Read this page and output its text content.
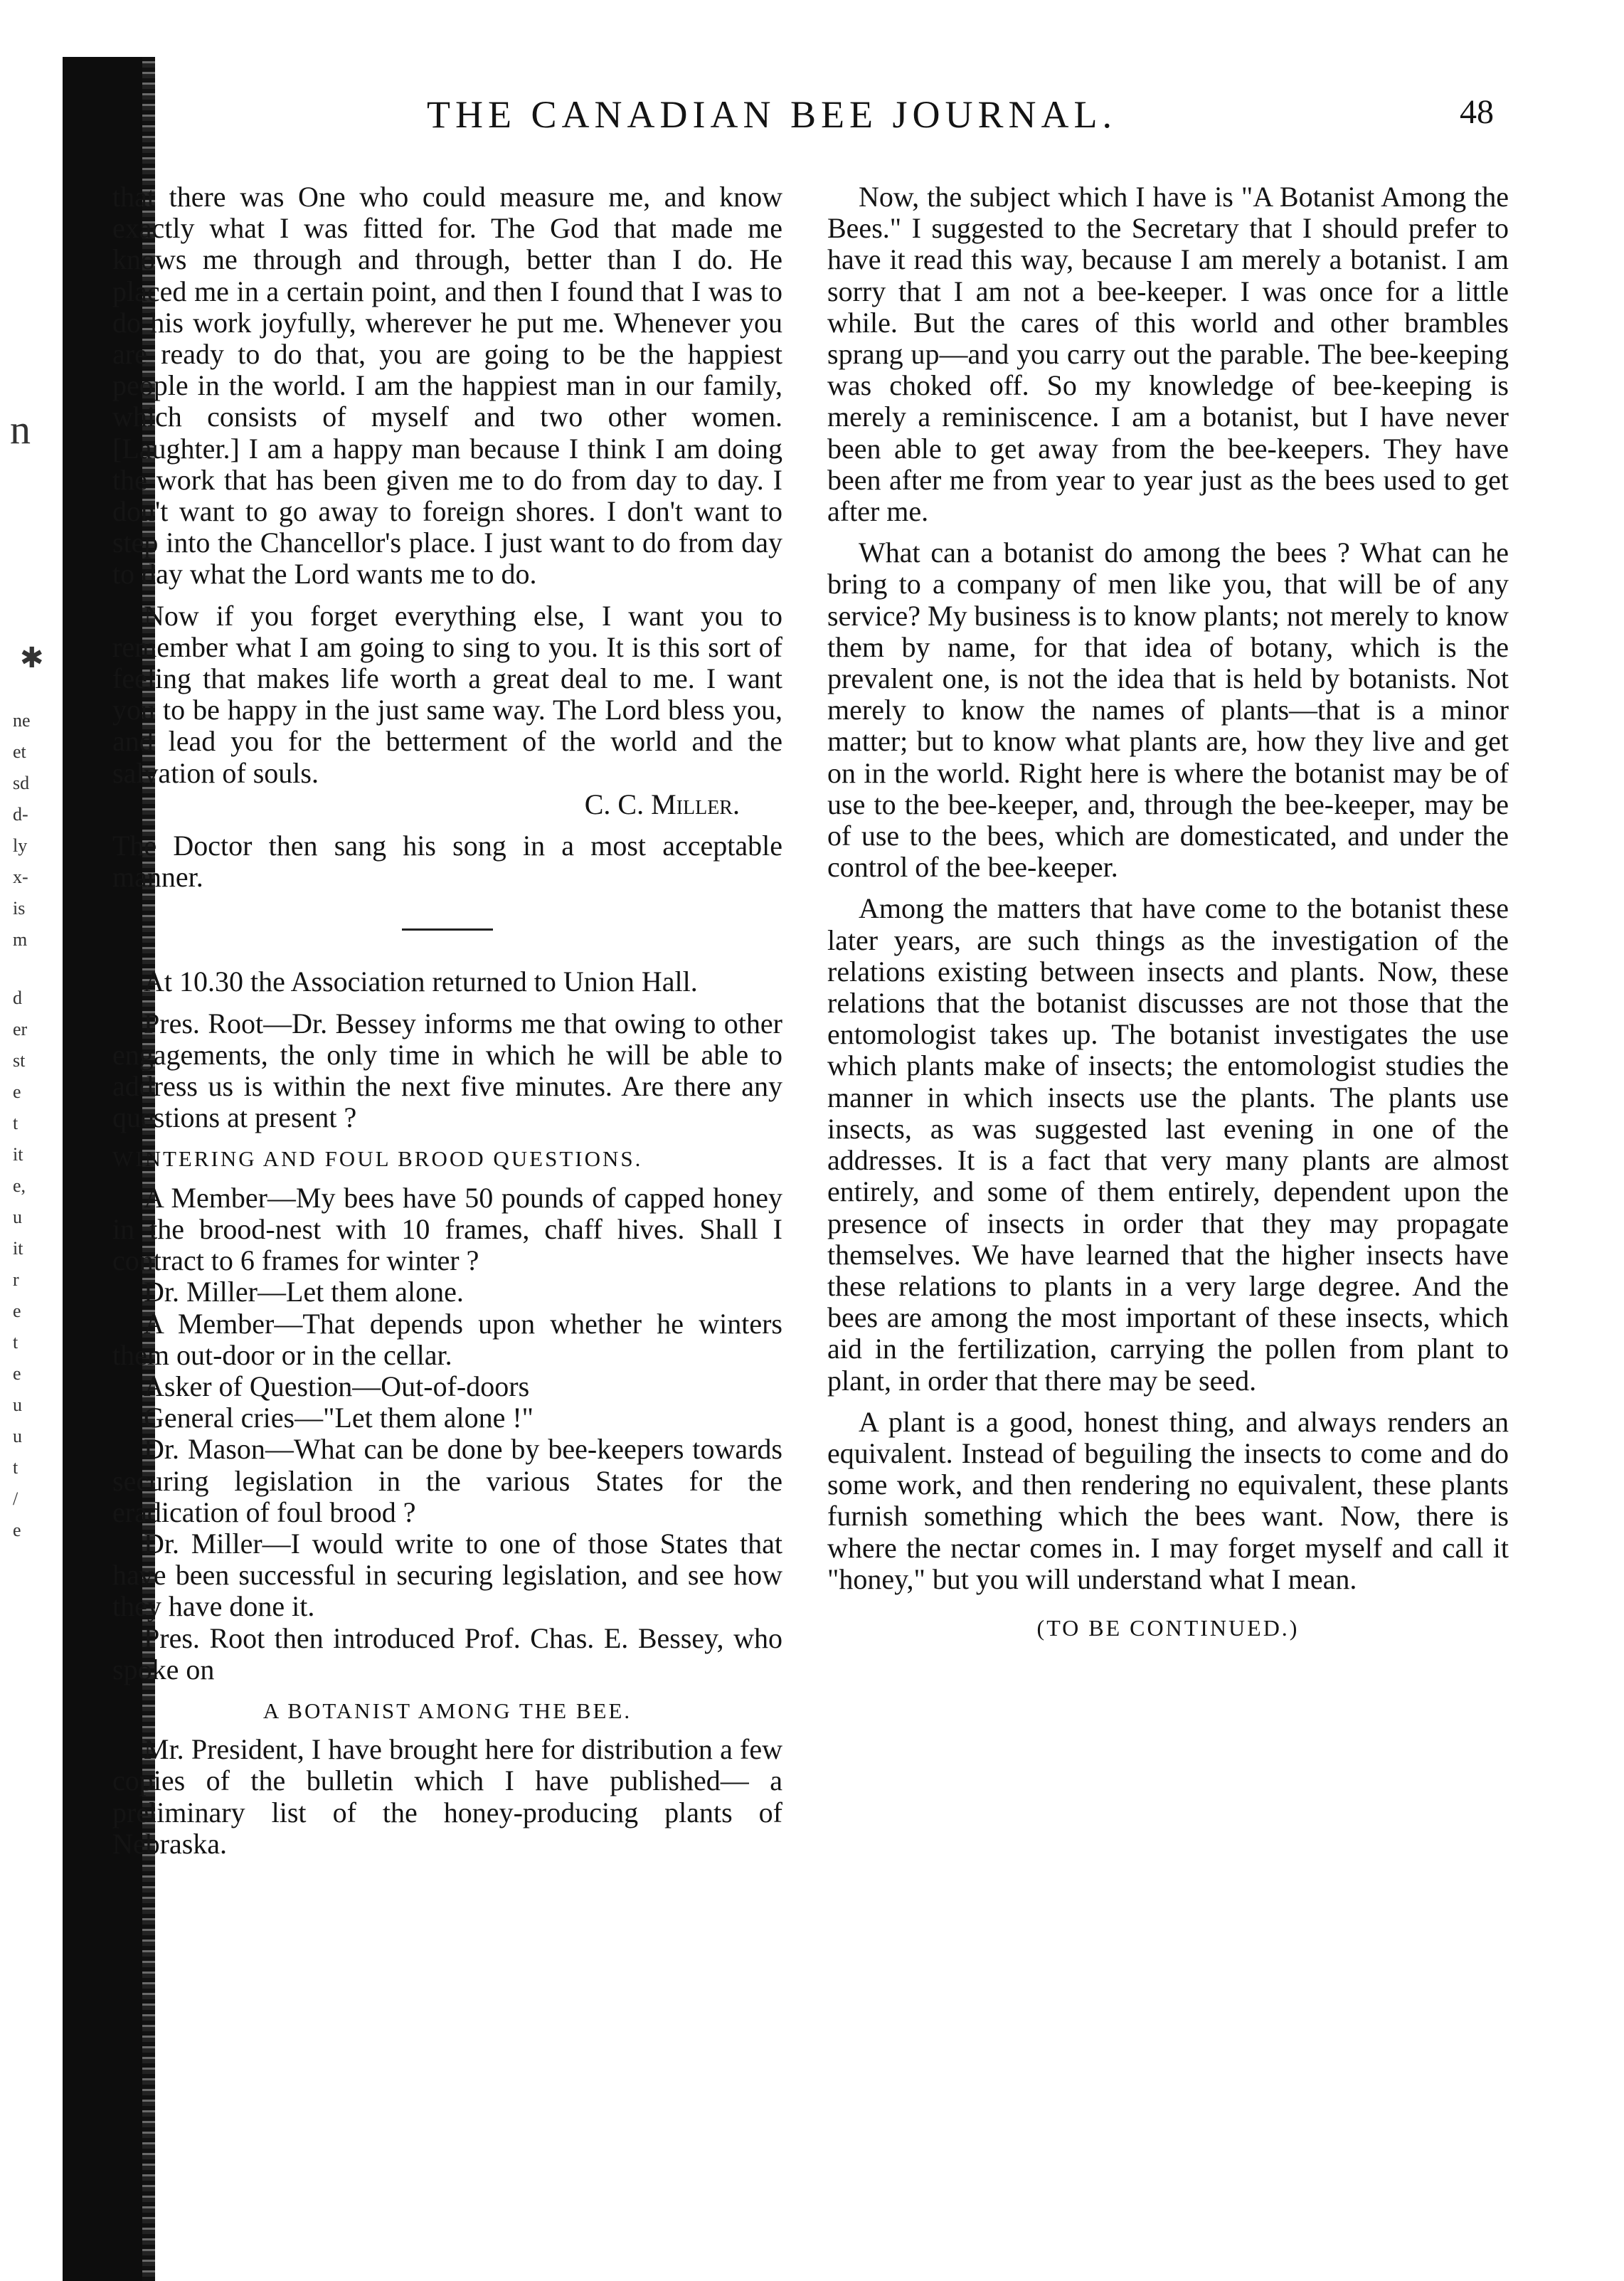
n
✱
ne
et
sd
d-
ly
x-
is
m
d
er
st
e
t
it
e,
u
it
r
e
t
e
u
u
t
/
e
THE CANADIAN BEE JOURNAL.	48

that there was One who could measure me, and know exactly what I was fitted for. The God that made me knows me through and through, better than I do. He placed me in a certain point, and then I found that I was to do his work joyfully, wherever he put me. Whenever you are ready to do that, you are going to be the happiest people in the world. I am the happiest man in our family, which consists of myself and two other women. [Laughter.] I am a happy man because I think I am doing the work that has been given me to do from day to day. I don't want to go away to foreign shores. I don't want to step into the Chancellor's place. I just want to do from day to day what the Lord wants me to do.

Now if you forget everything else, I want you to remember what I am going to sing to you. It is this sort of feeling that makes life worth a great deal to me. I want you to be happy in the just same way. The Lord bless you, and lead you for the betterment of the world and the salvation of souls.

C. C. Miller.

The Doctor then sang his song in a most acceptable manner.

At 10.30 the Association returned to Union Hall.

Pres. Root—Dr. Bessey informs me that owing to other engagements, the only time in which he will be able to address us is within the next five minutes. Are there any questions at present ?

WINTERING AND FOUL BROOD QUESTIONS.

A Member—My bees have 50 pounds of capped honey in the brood-nest with 10 frames, chaff hives. Shall I contract to 6 frames for winter ?

Dr. Miller—Let them alone.

A Member—That depends upon whether he winters them out-door or in the cellar.

Asker of Question—Out-of-doors

General cries—"Let them alone !"

Dr. Mason—What can be done by bee-keepers towards securing legislation in the various States for the eradication of foul brood ?

Dr. Miller—I would write to one of those States that have been successful in securing legislation, and see how they have done it.

Pres. Root then introduced Prof. Chas. E. Bessey, who spoke on

A BOTANIST AMONG THE BEE.

Mr. President, I have brought here for distribution a few copies of the bulletin which I have published— a preliminary list of the honey-producing plants of Nebraska.

Now, the subject which I have is "A Botanist Among the Bees." I suggested to the Secretary that I should prefer to have it read this way, because I am merely a botanist. I am sorry that I am not a bee-keeper. I was once for a little while. But the cares of this world and other brambles sprang up—and you carry out the parable. The bee-keeping was choked off. So my knowledge of bee-keeping is merely a reminiscence. I am a botanist, but I have never been able to get away from the bee-keepers. They have been after me from year to year just as the bees used to get after me.

What can a botanist do among the bees ? What can he bring to a company of men like you, that will be of any service? My business is to know plants; not merely to know them by name, for that idea of botany, which is the prevalent one, is not the idea that is held by botanists. Not merely to know the names of plants—that is a minor matter; but to know what plants are, how they live and get on in the world. Right here is where the botanist may be of use to the bee-keeper, and, through the bee-keeper, may be of use to the bees, which are domesticated, and under the control of the bee-keeper.

Among the matters that have come to the botanist these later years, are such things as the investigation of the relations existing between insects and plants. Now, these relations that the botanist discusses are not those that the entomologist takes up. The botanist investigates the use which plants make of insects; the entomologist studies the manner in which insects use the plants. The plants use insects, as was suggested last evening in one of the addresses. It is a fact that very many plants are almost entirely, and some of them entirely, dependent upon the presence of insects in order that they may propagate themselves. We have learned that the higher insects have these relations to plants in a very large degree. And the bees are among the most important of these insects, which aid in the fertilization, carrying the pollen from plant to plant, in order that there may be seed.

A plant is a good, honest thing, and always renders an equivalent. Instead of beguiling the insects to come and do some work, and then rendering no equivalent, these plants furnish something which the bees want. Now, there is where the nectar comes in. I may forget myself and call it "honey," but you will understand what I mean.

(TO BE CONTINUED.)
